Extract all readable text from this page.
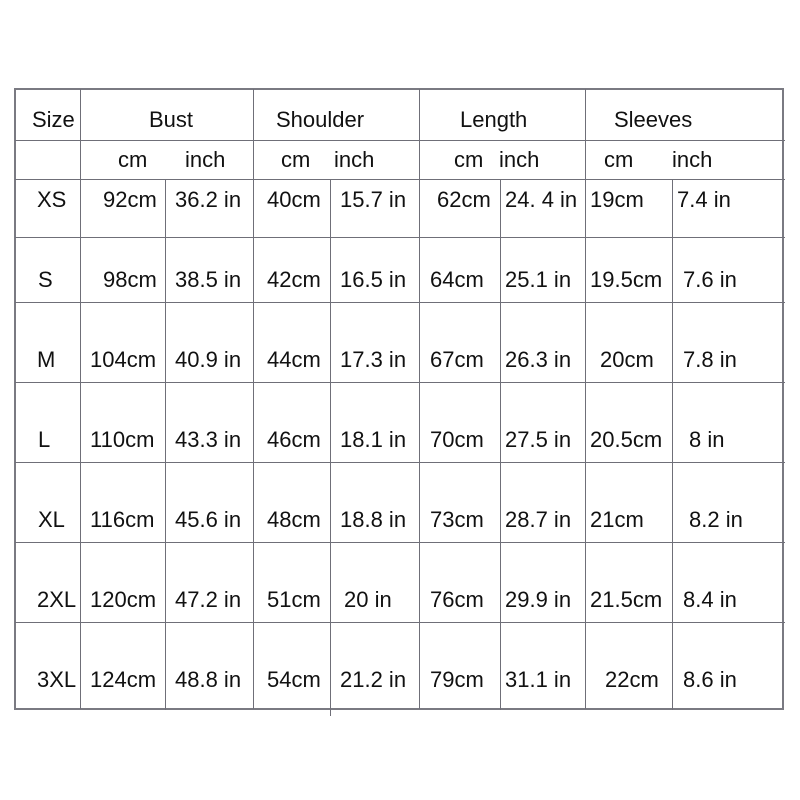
Size	Bust	Shoulder	Length	Sleeves
cm inch	cm inch	cm inch	cm inch
XS 92cm 36.2 in 40cm 15.7 in 62cm 24. 4 in 19cm 7.4 in
S 98cm 38.5 in 42cm 16.5 in 64cm 25.1 in 19.5cm 7.6 in
M 104cm 40.9 in 44cm 17.3 in 67cm 26.3 in 20cm 7.8 in
L 110cm 43.3 in 46cm 18.1 in 70cm 27.5 in 20.5cm 8 in
XL 116cm 45.6 in 48cm 18.8 in 73cm 28.7 in 21cm 8.2 in
2XL 120cm 47.2 in 51cm 20 in 76cm 29.9 in 21.5cm 8.4 in
3XL 124cm 48.8 in 54cm 21.2 in 79cm 31.1 in 22cm 8.6 in
